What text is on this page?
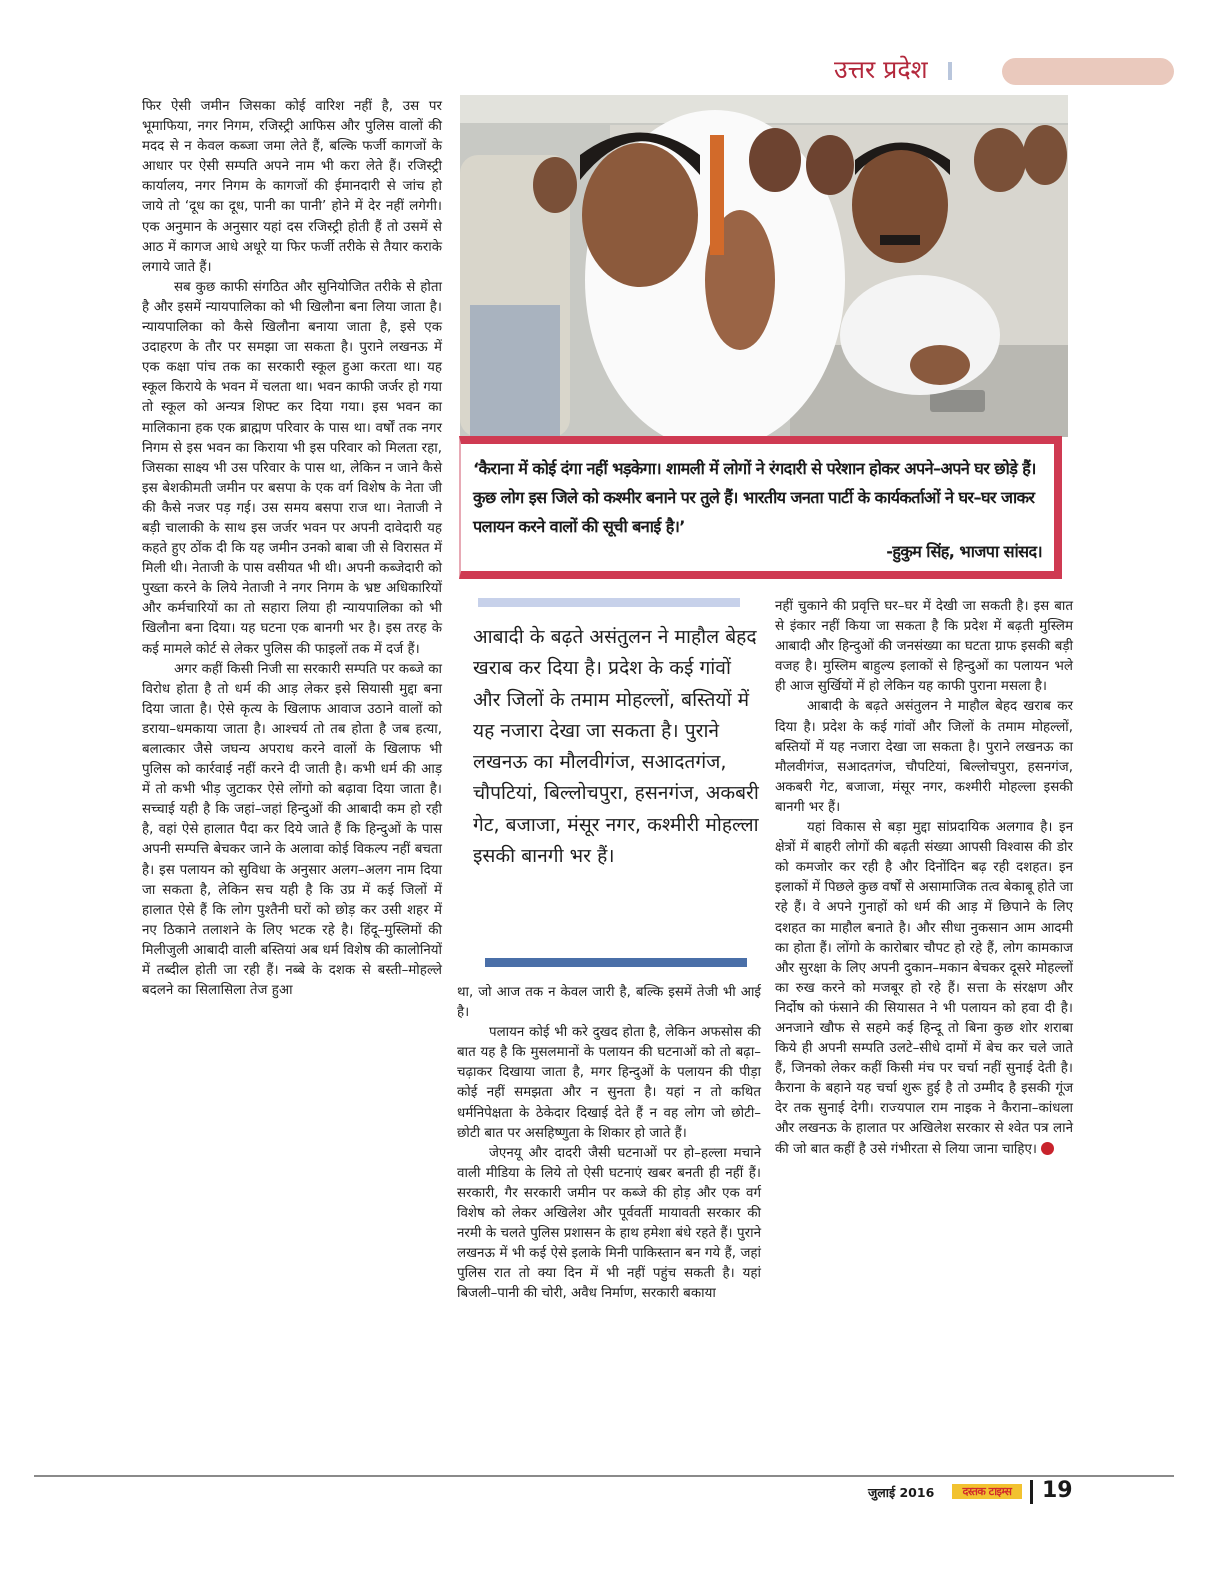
उत्तर प्रदेश

फिर ऐसी जमीन जिसका कोई वारिश नहीं है, उस पर भूमाफिया, नगर निगम, रजिस्ट्री आफिस और पुलिस वालों की मदद से न केवल कब्जा जमा लेते हैं, बल्कि फर्जी कागजों के आधार पर ऐसी सम्पति अपने नाम भी करा लेते हैं। रजिस्ट्री कार्यालय, नगर निगम के कागजों की ईमानदारी से जांच हो जाये तो ‘दूध का दूध, पानी का पानी’ होने में देर नहीं लगेगी। एक अनुमान के अनुसार यहां दस रजिस्ट्री होती हैं तो उसमें से आठ में कागज आधे अधूरे या फिर फर्जी तरीके से तैयार कराके लगाये जाते हैं।

सब कुछ काफी संगठित और सुनियोजित तरीके से होता है और इसमें न्यायपालिका को भी खिलौना बना लिया जाता है। न्यायपालिका को कैसे खिलौना बनाया जाता है, इसे एक उदाहरण के तौर पर समझा जा सकता है। पुराने लखनऊ में एक कक्षा पांच तक का सरकारी स्कूल हुआ करता था। यह स्कूल किराये के भवन में चलता था। भवन काफी जर्जर हो गया तो स्कूल को अन्यत्र शिफ्ट कर दिया गया। इस भवन का मालिकाना हक एक ब्राह्मण परिवार के पास था। वर्षों तक नगर निगम से इस भवन का किराया भी इस परिवार को मिलता रहा, जिसका साक्ष्य भी उस परिवार के पास था, लेकिन न जाने कैसे इस बेशकीमती जमीन पर बसपा के एक वर्ग विशेष के नेता जी की कैसे नजर पड़ गई। उस समय बसपा राज था। नेताजी ने बड़ी चालाकी के साथ इस जर्जर भवन पर अपनी दावेदारी यह कहते हुए ठोंक दी कि यह जमीन उनको बाबा जी से विरासत में मिली थी। नेताजी के पास वसीयत भी थी। अपनी कब्जेदारी को पुख्ता करने के लिये नेताजी ने नगर निगम के भ्रष्ट अधिकारियों और कर्मचारियों का तो सहारा लिया ही न्यायपालिका को भी खिलौना बना दिया। यह घटना एक बानगी भर है। इस तरह के कई मामले कोर्ट से लेकर पुलिस की फाइलों तक में दर्ज हैं।

अगर कहीं किसी निजी सा सरकारी सम्पति पर कब्जे का विरोध होता है तो धर्म की आड़ लेकर इसे सियासी मुद्दा बना दिया जाता है। ऐसे कृत्य के खिलाफ आवाज उठाने वालों को डराया–धमकाया जाता है। आश्चर्य तो तब होता है जब हत्या, बलात्कार जैसे जघन्य अपराध करने वालों के खिलाफ भी पुलिस को कार्रवाई नहीं करने दी जाती है। कभी धर्म की आड़ में तो कभी भीड़ जुटाकर ऐसे लोंगो को बढ़ावा दिया जाता है। सच्चाई यही है कि जहां–जहां हिन्दुओं की आबादी कम हो रही है, वहां ऐसे हालात पैदा कर दिये जाते हैं कि हिन्दुओं के पास अपनी सम्पत्ति बेचकर जाने के अलावा कोई विकल्प नहीं बचता है। इस पलायन को सुविधा के अनुसार अलग–अलग नाम दिया जा सकता है, लेकिन सच यही है कि उप्र में कई जिलों में हालात ऐसे हैं कि लोग पुश्तैनी घरों को छोड़ कर उसी शहर में नए ठिकाने तलाशने के लिए भटक रहे है। हिंदू–मुस्लिमों की मिलीजुली आबादी वाली बस्तियां अब धर्म विशेष की कालोनियों में तब्दील होती जा रही हैं। नब्बे के दशक से बस्ती–मोहल्ले बदलने का सिलासिला तेज हुआ

‘कैराना में कोई दंगा नहीं भड़केगा। शामली में लोगों ने रंगदारी से परेशान होकर अपने–अपने घर छोड़े हैं। कुछ लोग इस जिले को कश्मीर बनाने पर तुले हैं। भारतीय जनता पार्टी के कार्यकर्ताओं ने घर–घर जाकर पलायन करने वालों की सूची बनाई है।’
-हुकुम सिंह, भाजपा सांसद।
आबादी के बढ़ते असंतुलन ने माहौल बेहद खराब कर दिया है। प्रदेश के कई गांवों और जिलों के तमाम मोहल्लों, बस्तियों में यह नजारा देखा जा सकता है। पुराने लखनऊ का मौलवीगंज, सआदतगंज, चौपटियां, बिल्लोचपुरा, हसनगंज, अकबरी गेट, बजाजा, मंसूर नगर, कश्मीरी मोहल्ला इसकी बानगी भर हैं।

था, जो आज तक न केवल जारी है, बल्कि इसमें तेजी भी आई है।

पलायन कोई भी करे दुखद होता है, लेकिन अफसोस की बात यह है कि मुसलमानों के पलायन की घटनाओं को तो बढ़ा–चढ़ाकर दिखाया जाता है, मगर हिन्दुओं के पलायन की पीड़ा कोई नहीं समझता और न सुनता है। यहां न तो कथित धर्मनिपेक्षता के ठेकेदार दिखाई देते हैं न वह लोग जो छोटी–छोटी बात पर असहिष्णुता के शिकार हो जाते हैं।

जेएनयू और दादरी जैसी घटनाओं पर हो–हल्ला मचाने वाली मीडिया के लिये तो ऐसी घटनाएं खबर बनती ही नहीं हैं। सरकारी, गैर सरकारी जमीन पर कब्जे की होड़ और एक वर्ग विशेष को लेकर अखिलेश और पूर्ववर्ती मायावती सरकार की नरमी के चलते पुलिस प्रशासन के हाथ हमेशा बंधे रहते हैं। पुराने लखनऊ में भी कई ऐसे इलाके मिनी पाकिस्तान बन गये हैं, जहां पुलिस रात तो क्या दिन में भी नहीं पहुंच सकती है। यहां बिजली–पानी की चोरी, अवैध निर्माण, सरकारी बकाया

नहीं चुकाने की प्रवृत्ति घर–घर में देखी जा सकती है। इस बात से इंकार नहीं किया जा सकता है कि प्रदेश में बढ़ती मुस्लिम आबादी और हिन्दुओं की जनसंख्या का घटता ग्राफ इसकी बड़ी वजह है। मुस्लिम बाहुल्य इलाकों से हिन्दुओं का पलायन भले ही आज सुर्खियों में हो लेकिन यह काफी पुराना मसला है।

आबादी के बढ़ते असंतुलन ने माहौल बेहद खराब कर दिया है। प्रदेश के कई गांवों और जिलों के तमाम मोहल्लों, बस्तियों में यह नजारा देखा जा सकता है। पुराने लखनऊ का मौलवीगंज, सआदतगंज, चौपटियां, बिल्लोचपुरा, हसनगंज, अकबरी गेट, बजाजा, मंसूर नगर, कश्मीरी मोहल्ला इसकी बानगी भर हैं।

यहां विकास से बड़ा मुद्दा सांप्रदायिक अलगाव है। इन क्षेत्रों में बाहरी लोगों की बढ़ती संख्या आपसी विश्वास की डोर को कमजोर कर रही है और दिनोंदिन बढ़ रही दशहत। इन इलाकों में पिछले कुछ वर्षों से असामाजिक तत्व बेकाबू होते जा रहे हैं। वे अपने गुनाहों को धर्म की आड़ में छिपाने के लिए दशहत का माहौल बनाते है। और सीधा नुकसान आम आदमी का होता हैं। लोंगो के कारोबार चौपट हो रहे हैं, लोग कामकाज और सुरक्षा के लिए अपनी दुकान–मकान बेचकर दूसरे मोहल्लों का रुख करने को मजबूर हो रहे हैं। सत्ता के संरक्षण और निर्दोष को फंसाने की सियासत ने भी पलायन को हवा दी है। अनजाने खौफ से सहमे कई हिन्दू तो बिना कुछ शोर शराबा किये ही अपनी सम्पति उलटे–सीधे दामों में बेच कर चले जाते हैं, जिनको लेकर कहीं किसी मंच पर चर्चा नहीं सुनाई देती है। कैराना के बहाने यह चर्चा शुरू हुई है तो उम्मीद है इसकी गूंज देर तक सुनाई देगी। राज्यपाल राम नाइक ने कैराना–कांधला और लखनऊ के हालात पर अखिलेश सरकार से श्वेत पत्र लाने की जो बात कहीं है उसे गंभीरता से लिया जाना चाहिए।

जुलाई 2016	दस्तक टाइम्स	19
